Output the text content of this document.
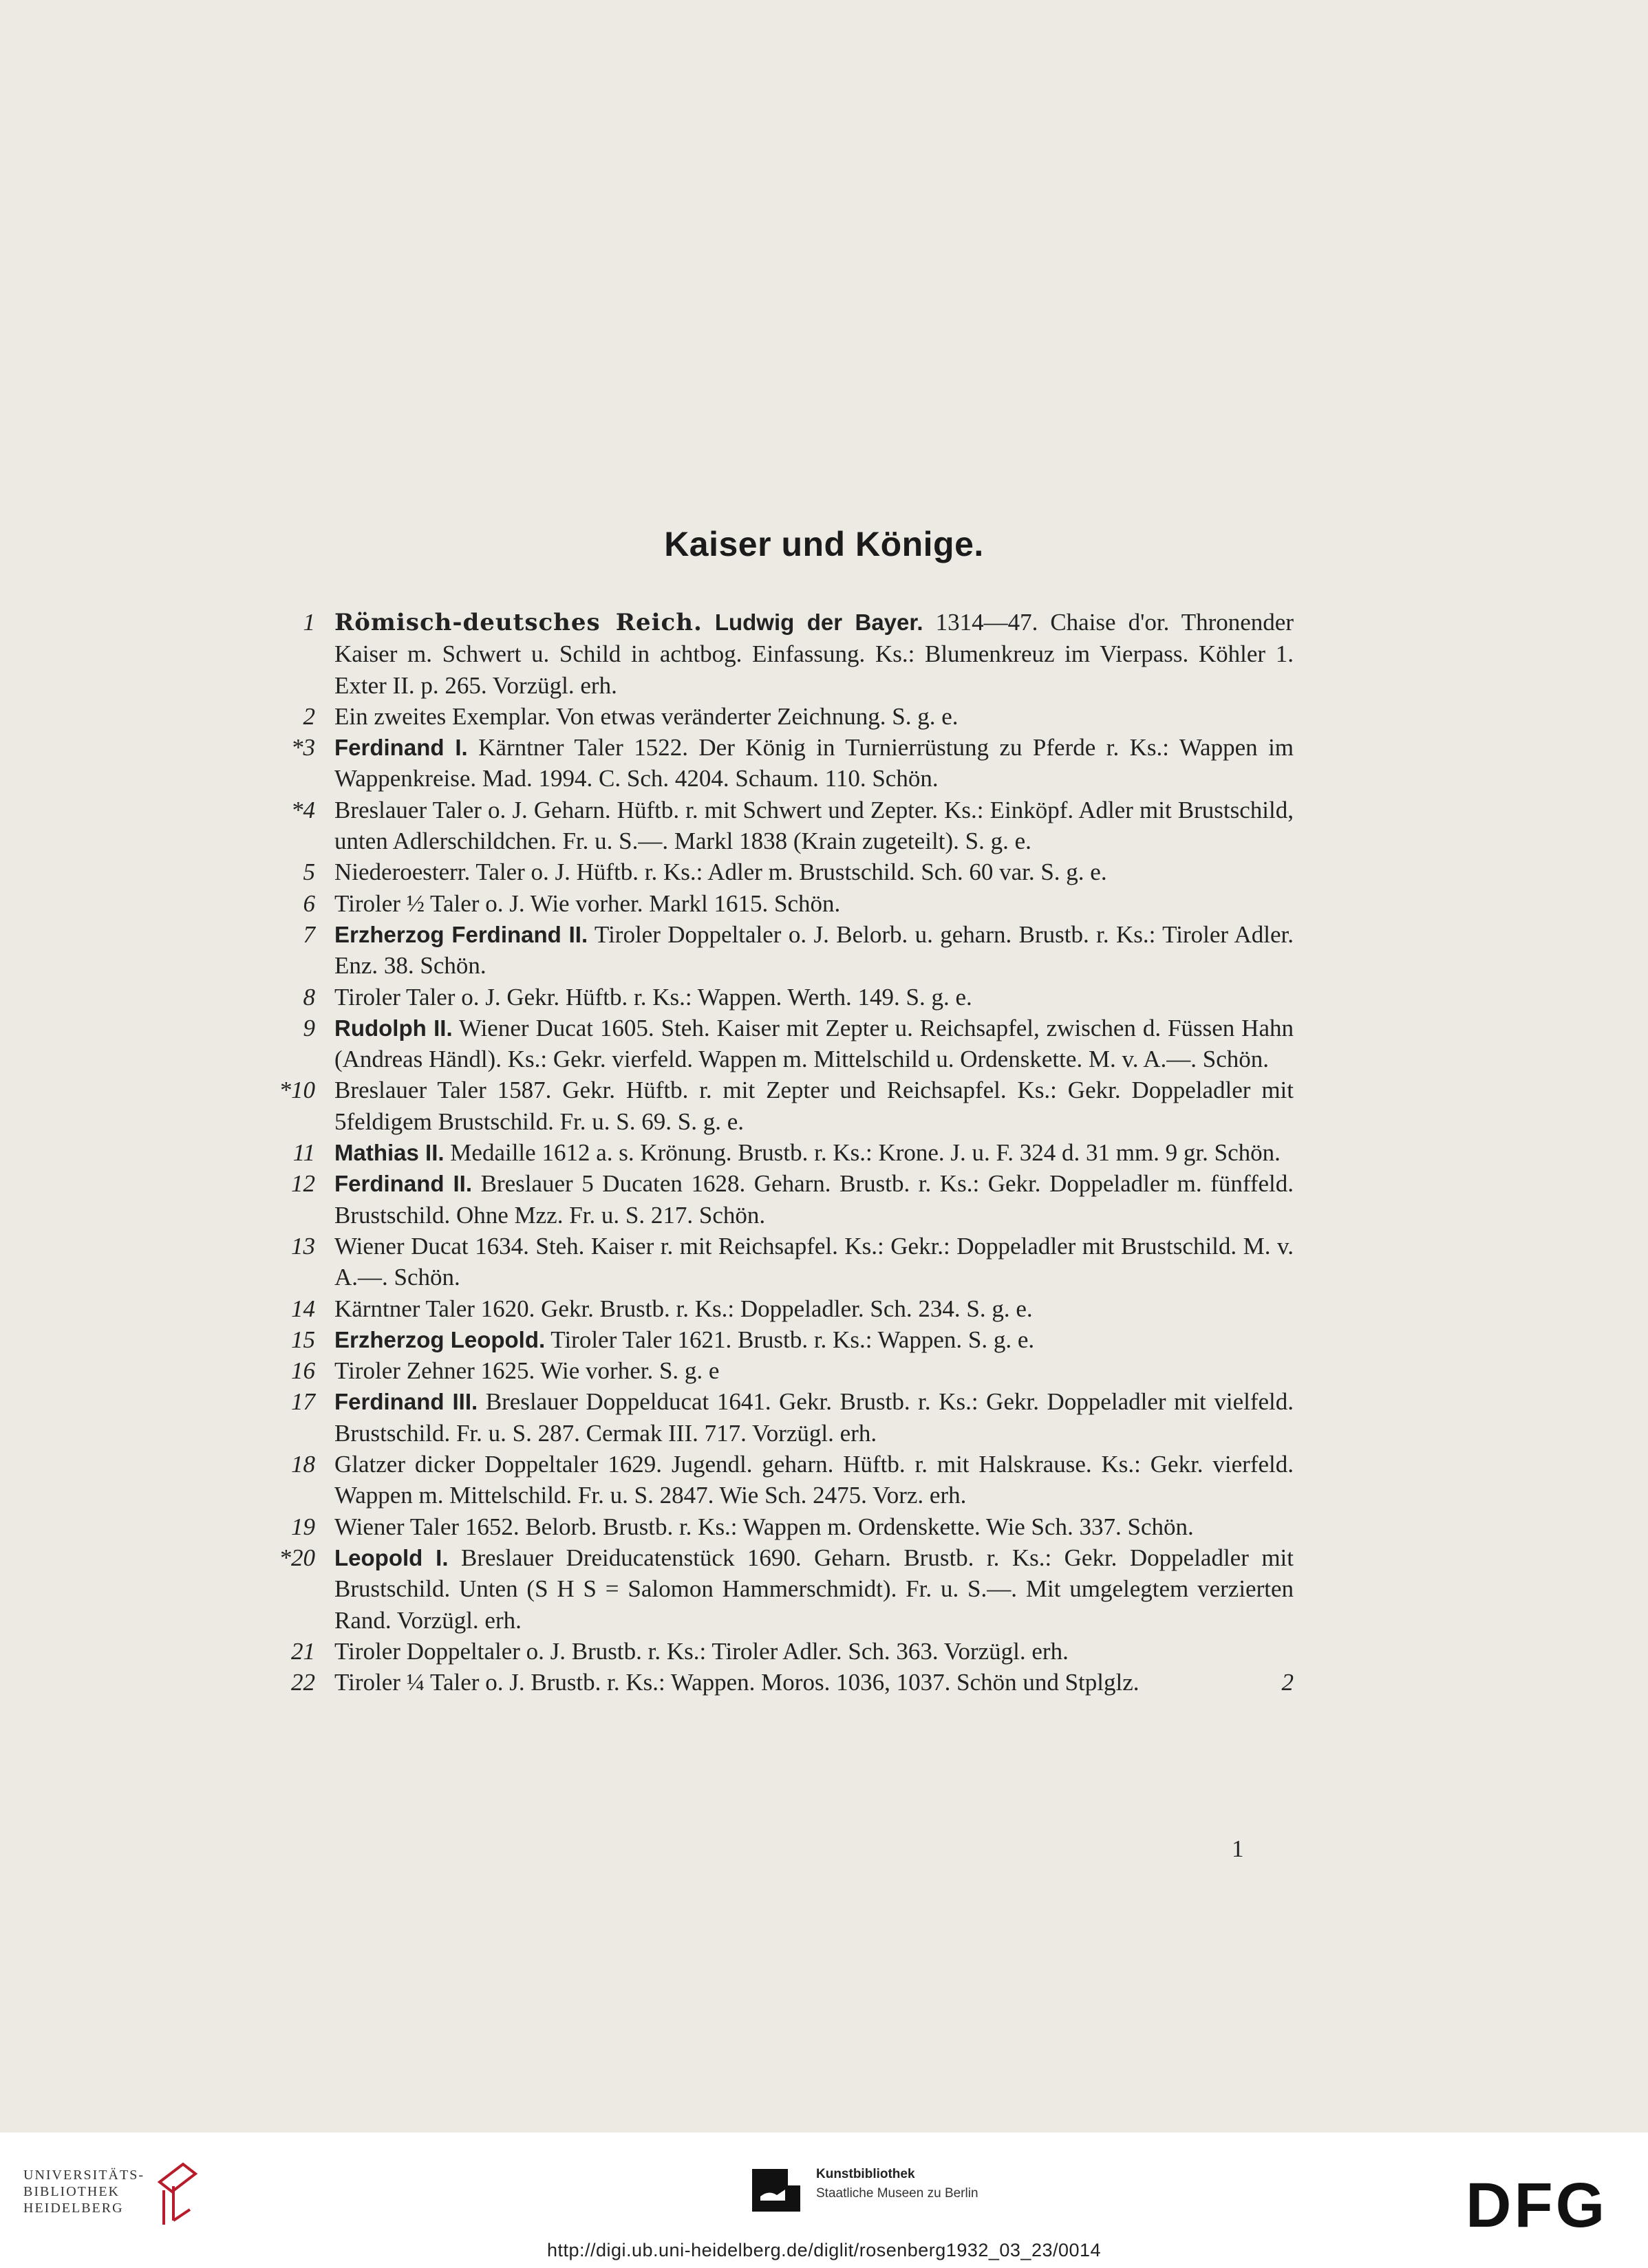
Kaiser und Könige.
1 Römisch-deutsches Reich. Ludwig der Bayer. 1314—47. Chaise d'or. Thronender Kaiser m. Schwert u. Schild in achtbog. Einfassung. Ks.: Blumenkreuz im Vierpass. Köhler 1. Exter II. p. 265. Vorzügl. erh.
2 Ein zweites Exemplar. Von etwas veränderter Zeichnung. S. g. e.
*3 Ferdinand I. Kärntner Taler 1522. Der König in Turnierrüstung zu Pferde r. Ks.: Wappen im Wappenkreise. Mad. 1994. C. Sch. 4204. Schaum. 110. Schön.
*4 Breslauer Taler o. J. Geharn. Hüftb. r. mit Schwert und Zepter. Ks.: Einköpf. Adler mit Brustschild, unten Adlerschildchen. Fr. u. S.—. Markl 1838 (Krain zugeteilt). S. g. e.
5 Niederoesterr. Taler o. J. Hüftb. r. Ks.: Adler m. Brustschild. Sch. 60 var. S. g. e.
6 Tiroler ½ Taler o. J. Wie vorher. Markl 1615. Schön.
7 Erzherzog Ferdinand II. Tiroler Doppeltaler o. J. Belorb. u. geharn. Brustb. r. Ks.: Tiroler Adler. Enz. 38. Schön.
8 Tiroler Taler o. J. Gekr. Hüftb. r. Ks.: Wappen. Werth. 149. S. g. e.
9 Rudolph II. Wiener Ducat 1605. Steh. Kaiser mit Zepter u. Reichsapfel, zwischen d. Füssen Hahn (Andreas Händl). Ks.: Gekr. vierfeld. Wappen m. Mittelschild u. Ordenskette. M. v. A.—. Schön.
*10 Breslauer Taler 1587. Gekr. Hüftb. r. mit Zepter und Reichsapfel. Ks.: Gekr. Doppeladler mit 5feldigem Brustschild. Fr. u. S. 69. S. g. e.
11 Mathias II. Medaille 1612 a. s. Krönung. Brustb. r. Ks.: Krone. J. u. F. 324 d. 31 mm. 9 gr. Schön.
12 Ferdinand II. Breslauer 5 Ducaten 1628. Geharn. Brustb. r. Ks.: Gekr. Doppeladler m. fünffeld. Brustschild. Ohne Mzz. Fr. u. S. 217. Schön.
13 Wiener Ducat 1634. Steh. Kaiser r. mit Reichsapfel. Ks.: Gekr.: Doppeladler mit Brustschild. M. v. A.—. Schön.
14 Kärntner Taler 1620. Gekr. Brustb. r. Ks.: Doppeladler. Sch. 234. S. g. e.
15 Erzherzog Leopold. Tiroler Taler 1621. Brustb. r. Ks.: Wappen. S. g. e.
16 Tiroler Zehner 1625. Wie vorher. S. g. e
17 Ferdinand III. Breslauer Doppelducat 1641. Gekr. Brustb. r. Ks.: Gekr. Doppeladler mit vielfeld. Brustschild. Fr. u. S. 287. Cermak III. 717. Vorzügl. erh.
18 Glatzer dicker Doppeltaler 1629. Jugendl. geharn. Hüftb. r. mit Halskrause. Ks.: Gekr. vierfeld. Wappen m. Mittelschild. Fr. u. S. 2847. Wie Sch. 2475. Vorz. erh.
19 Wiener Taler 1652. Belorb. Brustb. r. Ks.: Wappen m. Ordenskette. Wie Sch. 337. Schön.
*20 Leopold I. Breslauer Dreiducatenstück 1690. Geharn. Brustb. r. Ks.: Gekr. Doppeladler mit Brustschild. Unten (S H S = Salomon Hammerschmidt). Fr. u. S.—. Mit umgelegtem verzierten Rand. Vorzügl. erh.
21 Tiroler Doppeltaler o. J. Brustb. r. Ks.: Tiroler Adler. Sch. 363. Vorzügl. erh.
22 Tiroler ¼ Taler o. J. Brustb. r. Ks.: Wappen. Moros. 1036, 1037. Schön und Stplglz.	2
1
UNIVERSITÄTS-
BIBLIOTHEK
HEIDELBERG
Kunstbibliothek
Staatliche Museen zu Berlin	DFG
http://digi.ub.uni-heidelberg.de/diglit/rosenberg1932_03_23/0014
